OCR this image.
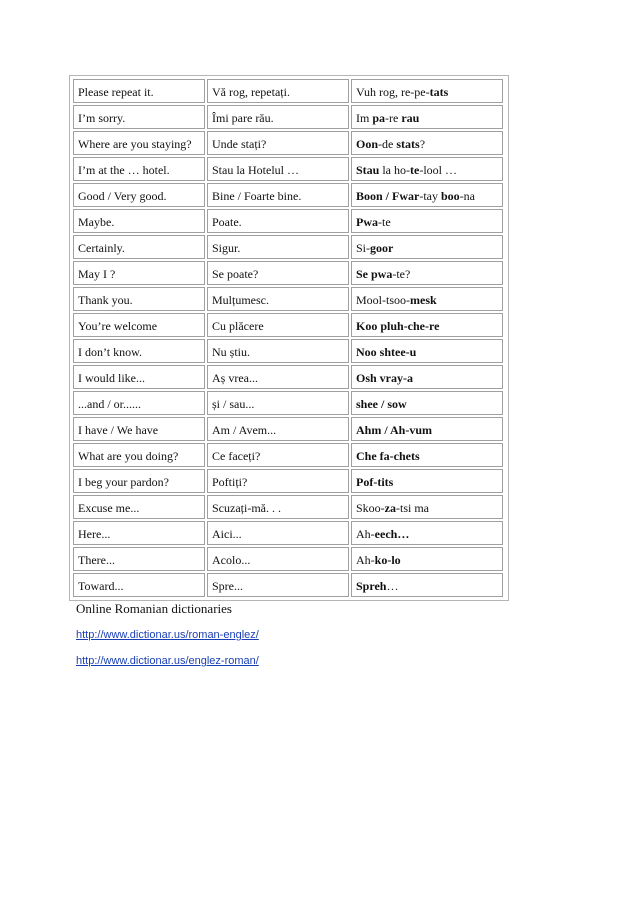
Please repeat it.	Vă rog, repetați.	Vuh rog, re-pe-tats
I’m sorry.	Îmi pare rău.	Im pa-re rau
Where are you staying?	Unde stați?	Oon-de stats?
I’m at the … hotel.	Stau la Hotelul …	Stau la ho-te-lool …
Good / Very good.	Bine / Foarte bine.	Boon / Fwar-tay boo-na
Maybe.	Poate.	Pwa-te
Certainly.	Sigur.	Si-goor
May I ?	Se poate?	Se pwa-te?
Thank you.	Mulțumesc.	Mool-tsoo-mesk
You’re welcome	Cu plăcere	Koo pluh-che-re
I don’t know.	Nu știu.	Noo shtee-u
I would like...	Aș vrea...	Osh vray-a
...and / or......	și / sau...	shee / sow
I have / We have	Am / Avem...	Ahm / Ah-vum
What are you doing?	Ce faceți?	Che fa-chets
I beg your pardon?	Poftiți?	Pof-tits
Excuse me...	Scuzați-mă. . .	Skoo-za-tsi ma
Here...	Aici...	Ah-eech…
There...	Acolo...	Ah-ko-lo
Toward...	Spre...	Spreh…
Online Romanian dictionaries
http://www.dictionar.us/roman-englez/
http://www.dictionar.us/englez-roman/
